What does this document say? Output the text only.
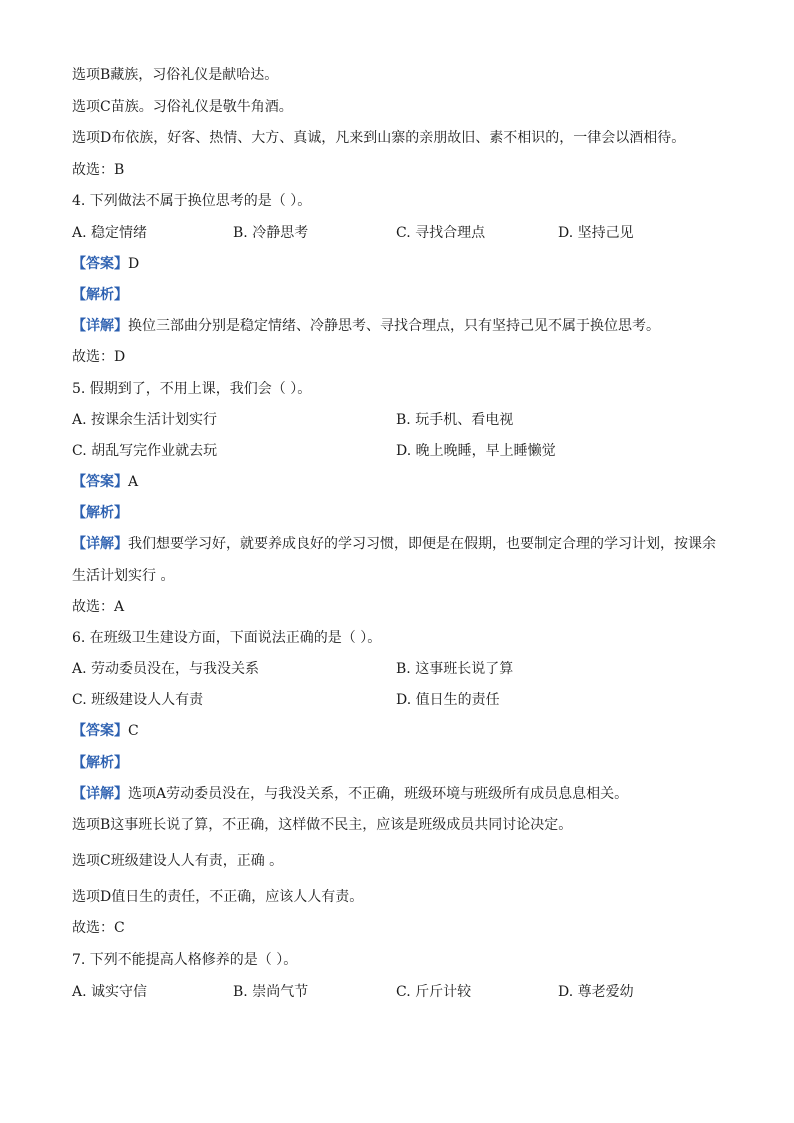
选项B藏族，习俗礼仪是献哈达。
选项C苗族。习俗礼仪是敬牛角酒。
选项D布依族，好客、热情、大方、真诚，凡来到山寨的亲朋故旧、素不相识的，一律会以酒相待。
故选：B
4. 下列做法不属于换位思考的是（ ）。
A. 稳定情绪	B. 冷静思考	C. 寻找合理点	D. 坚持己见
【答案】D
【解析】
【详解】换位三部曲分别是稳定情绪、冷静思考、寻找合理点，只有坚持己见不属于换位思考。
故选：D
5. 假期到了，不用上课，我们会（ ）。
A. 按课余生活计划实行	B. 玩手机、看电视
C. 胡乱写完作业就去玩	D. 晚上晚睡，早上睡懒觉
【答案】A
【解析】
【详解】我们想要学习好，就要养成良好的学习习惯，即便是在假期，也要制定合理的学习计划，按课余
生活计划实行 。
故选：A
6. 在班级卫生建设方面，下面说法正确的是（ ）。
A. 劳动委员没在，与我没关系	B. 这事班长说了算
C. 班级建设人人有责	D. 值日生的责任
【答案】C
【解析】
【详解】选项A劳动委员没在，与我没关系，不正确，班级环境与班级所有成员息息相关。
选项B这事班长说了算，不正确，这样做不民主，应该是班级成员共同讨论决定。
选项C班级建设人人有责，正确 。
选项D值日生的责任，不正确，应该人人有责。
故选：C
7. 下列不能提高人格修养的是（ ）。
A. 诚实守信	B. 崇尚气节	C. 斤斤计较	D. 尊老爱幼
